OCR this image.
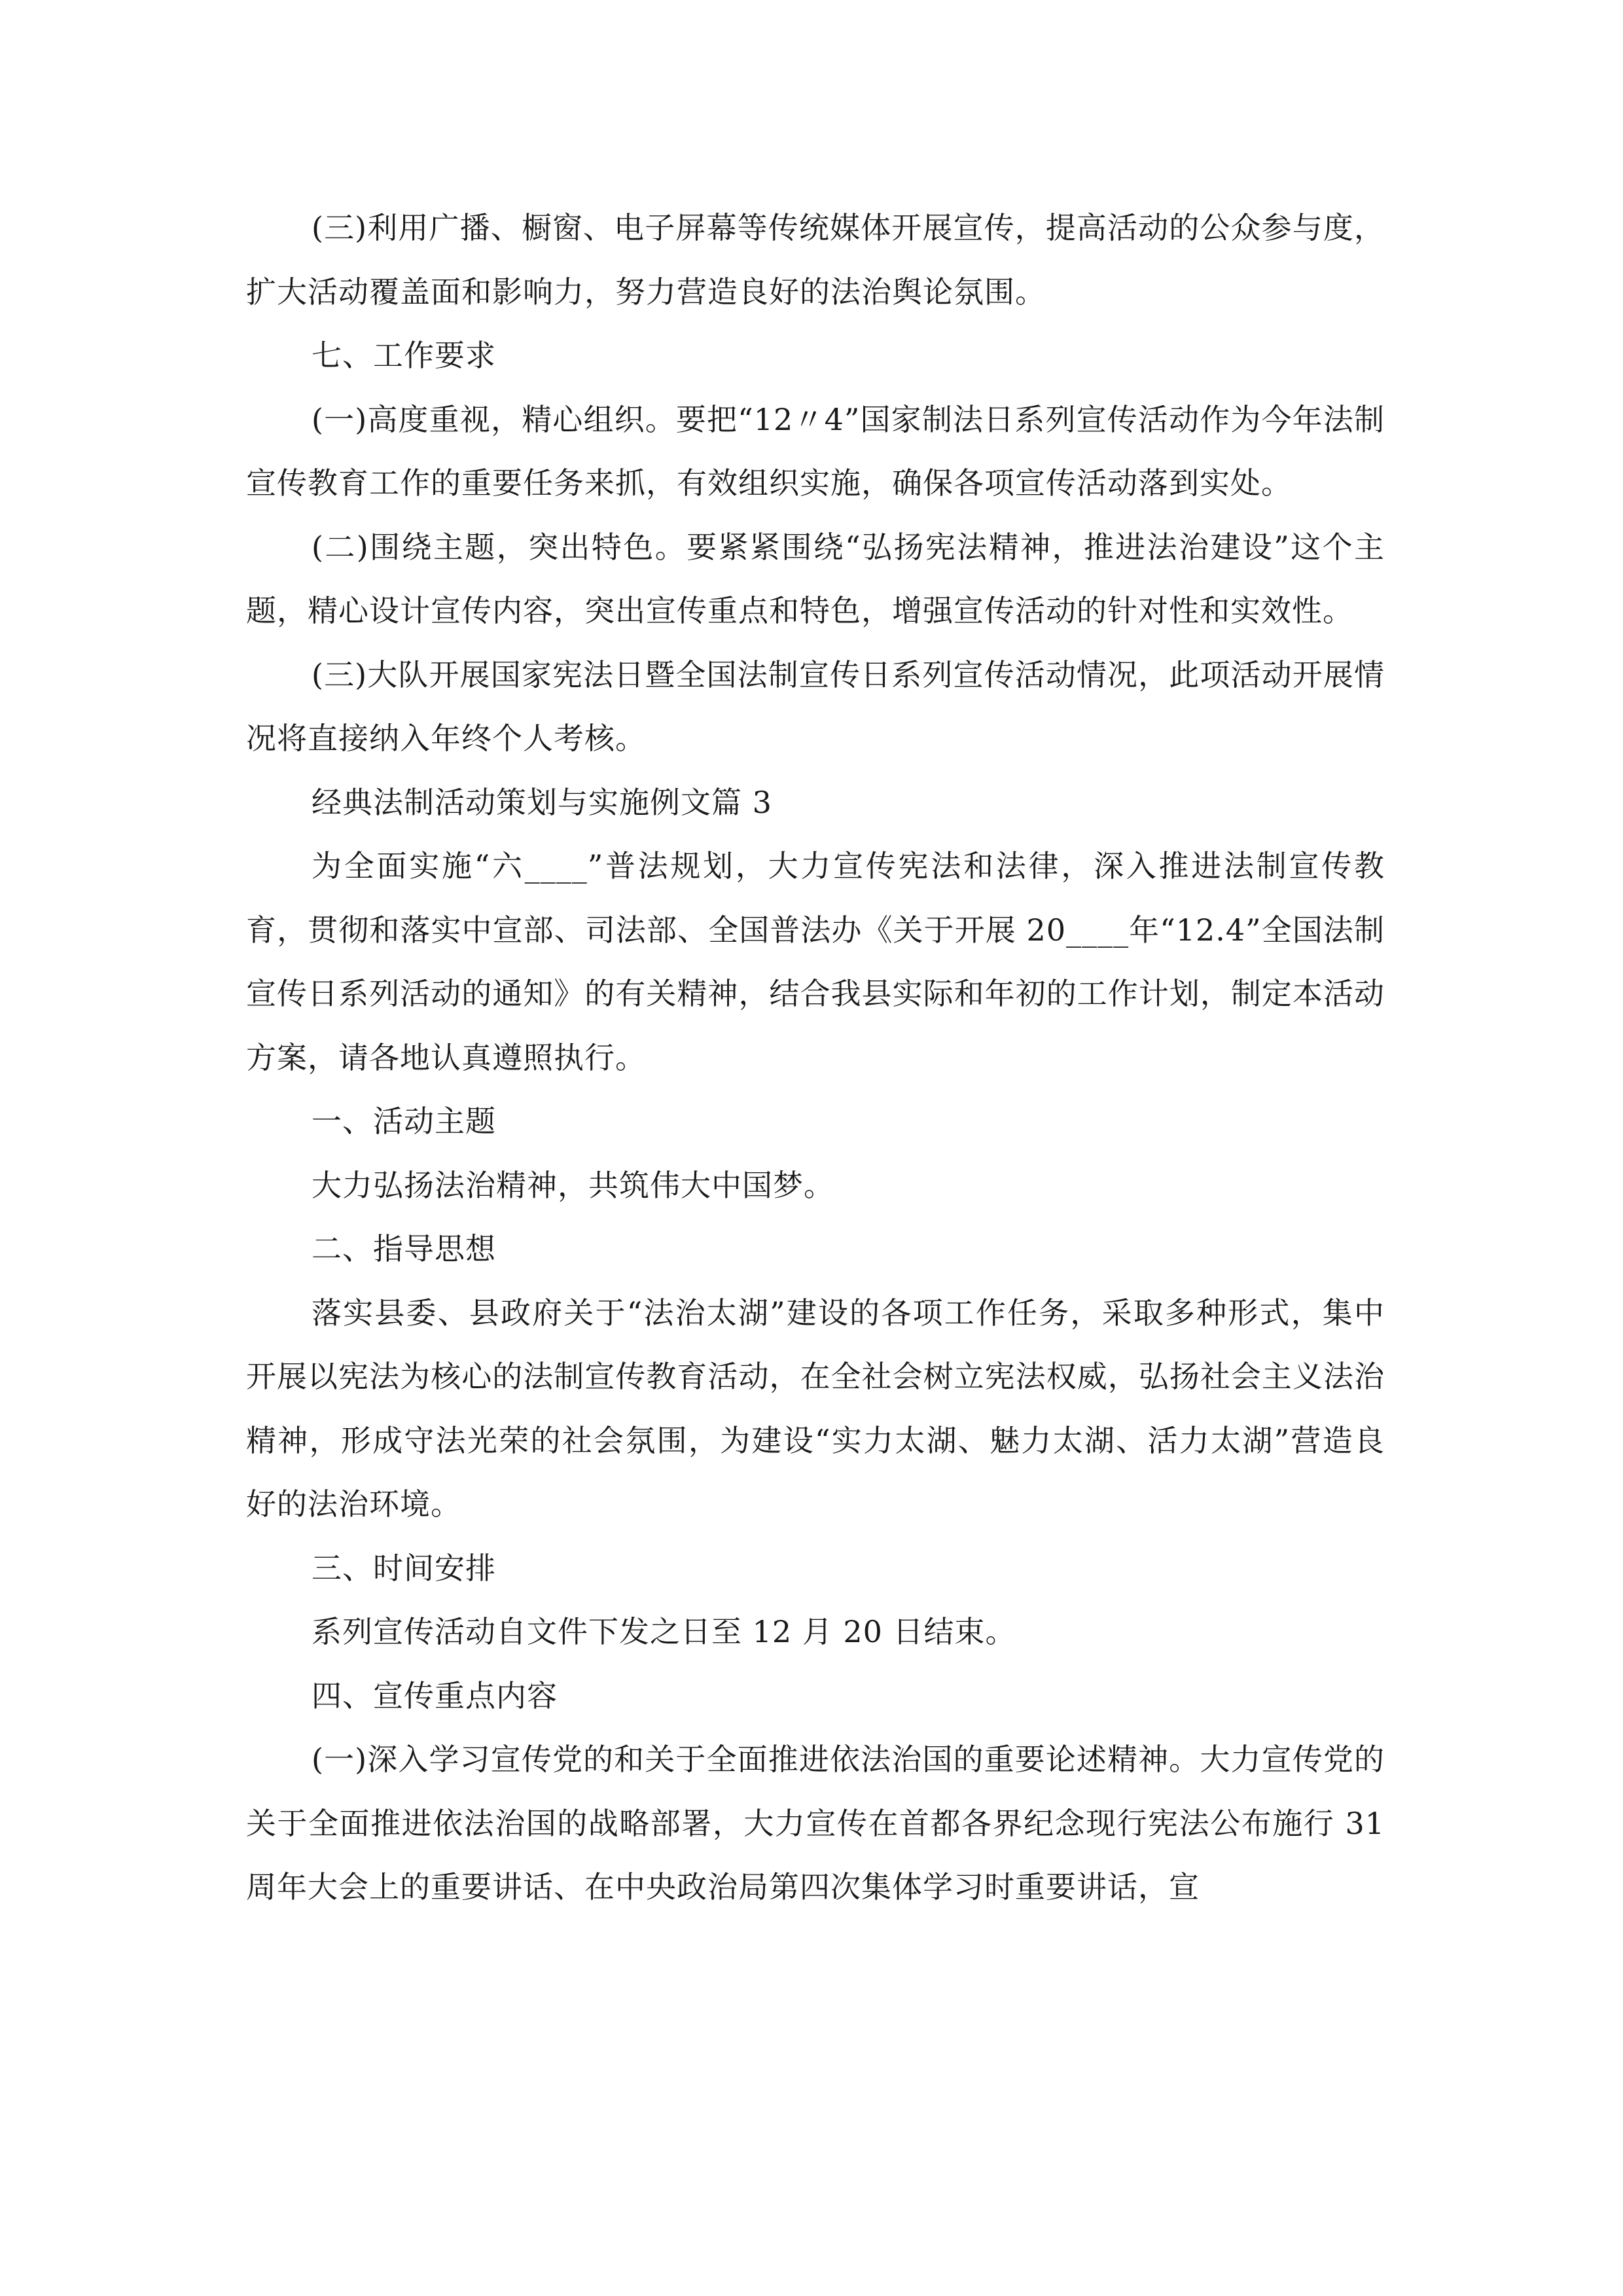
(三)利用广播、橱窗、电子屏幕等传统媒体开展宣传，提高活动的公众参与度，扩大活动覆盖面和影响力，努力营造良好的法治舆论氛围。

七、工作要求

(一)高度重视，精心组织。要把“12〃4”国家制法日系列宣传活动作为今年法制宣传教育工作的重要任务来抓，有效组织实施，确保各项宣传活动落到实处。

(二)围绕主题，突出特色。要紧紧围绕“弘扬宪法精神，推进法治建设”这个主题，精心设计宣传内容，突出宣传重点和特色，增强宣传活动的针对性和实效性。

(三)大队开展国家宪法日暨全国法制宣传日系列宣传活动情况，此项活动开展情况将直接纳入年终个人考核。

经典法制活动策划与实施例文篇 3

为全面实施“六____”普法规划，大力宣传宪法和法律，深入推进法制宣传教育，贯彻和落实中宣部、司法部、全国普法办《关于开展 20____年“12.4”全国法制宣传日系列活动的通知》的有关精神，结合我县实际和年初的工作计划，制定本活动方案，请各地认真遵照执行。

一、活动主题

大力弘扬法治精神，共筑伟大中国梦。

二、指导思想

落实县委、县政府关于“法治太湖”建设的各项工作任务，采取多种形式，集中开展以宪法为核心的法制宣传教育活动，在全社会树立宪法权威，弘扬社会主义法治精神，形成守法光荣的社会氛围，为建设“实力太湖、魅力太湖、活力太湖”营造良好的法治环境。

三、时间安排

系列宣传活动自文件下发之日至 12 月 20 日结束。

四、宣传重点内容

(一)深入学习宣传党的和关于全面推进依法治国的重要论述精神。大力宣传党的关于全面推进依法治国的战略部署，大力宣传在首都各界纪念现行宪法公布施行 31 周年大会上的重要讲话、在中央政治局第四次集体学习时重要讲话，宣
